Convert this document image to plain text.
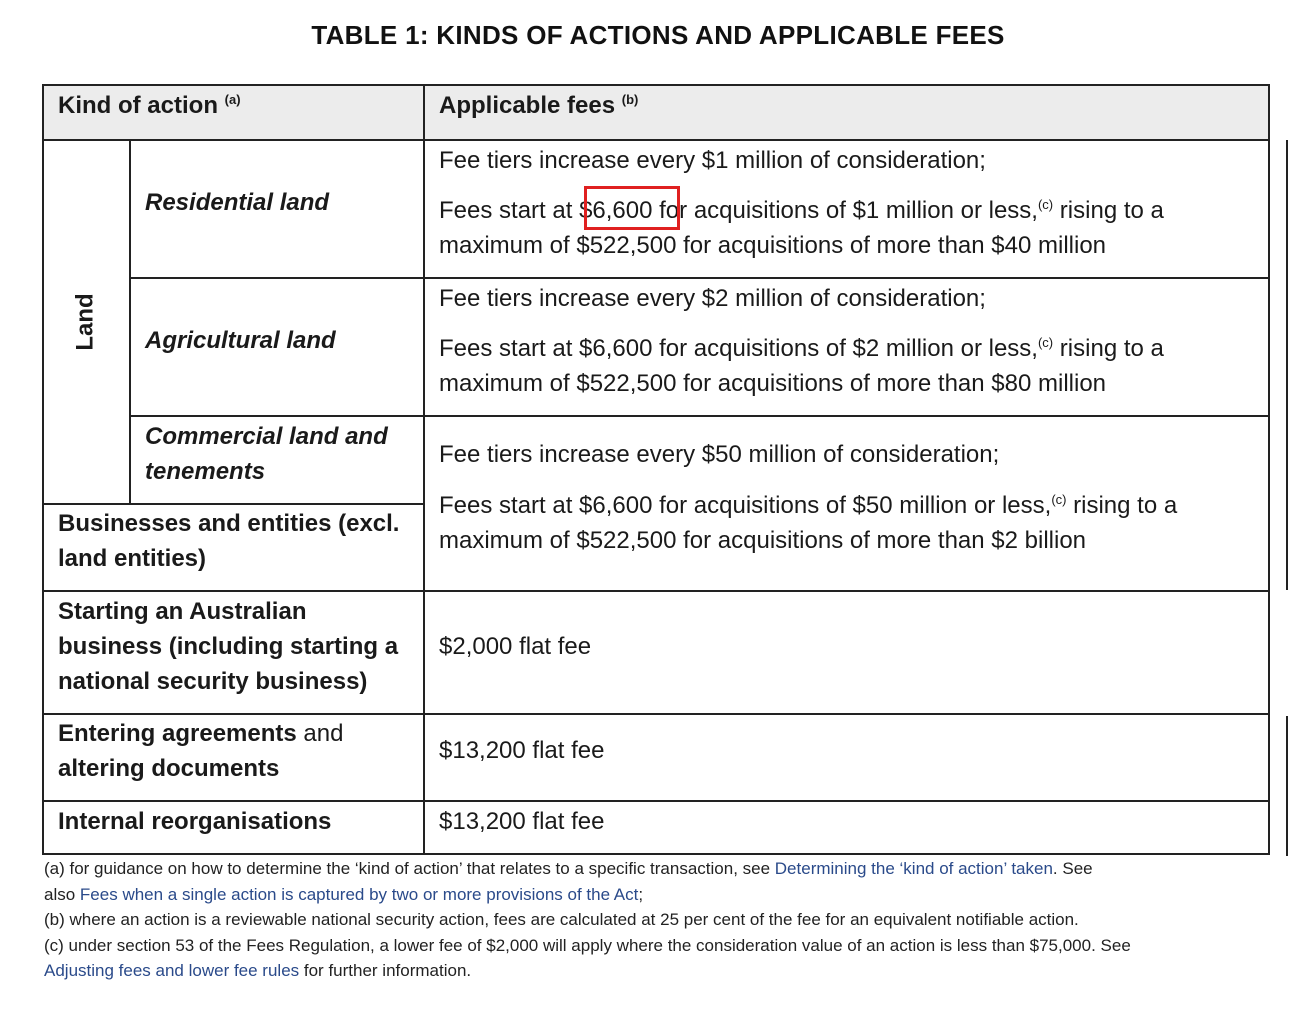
TABLE 1: KINDS OF ACTIONS AND APPLICABLE FEES
Kind of action $^{(a)}$	Applicable fees $^{(b)}$
Land
Residential land
Fee tiers increase every $1 million of consideration;
Fees start at $6,600 for acquisitions of $1 million or less,$^{(c)}$ rising to a
maximum of $522,500 for acquisitions of more than $40 million
Agricultural land
Fee tiers increase every $2 million of consideration;
Fees start at $6,600 for acquisitions of $2 million or less,$^{(c)}$ rising to a
maximum of $522,500 for acquisitions of more than $80 million
Commercial land and
tenements
Fee tiers increase every $50 million of consideration;
Fees start at $6,600 for acquisitions of $50 million or less,$^{(c)}$ rising to a
maximum of $522,500 for acquisitions of more than $2 billion
Businesses and entities (excl.
land entities)
Starting an Australian
business (including starting a
national security business)
$2,000 flat fee
Entering agreements and
altering documents
$13,200 flat fee
Internal reorganisations	$13,200 flat fee
(a) for guidance on how to determine the ‘kind of action’ that relates to a specific transaction, see Determining the ‘kind of action’ taken. See
also Fees when a single action is captured by two or more provisions of the Act;
(b) where an action is a reviewable national security action, fees are calculated at 25 per cent of the fee for an equivalent notifiable action.
(c) under section 53 of the Fees Regulation, a lower fee of $2,000 will apply where the consideration value of an action is less than $75,000. See
Adjusting fees and lower fee rules for further information.
